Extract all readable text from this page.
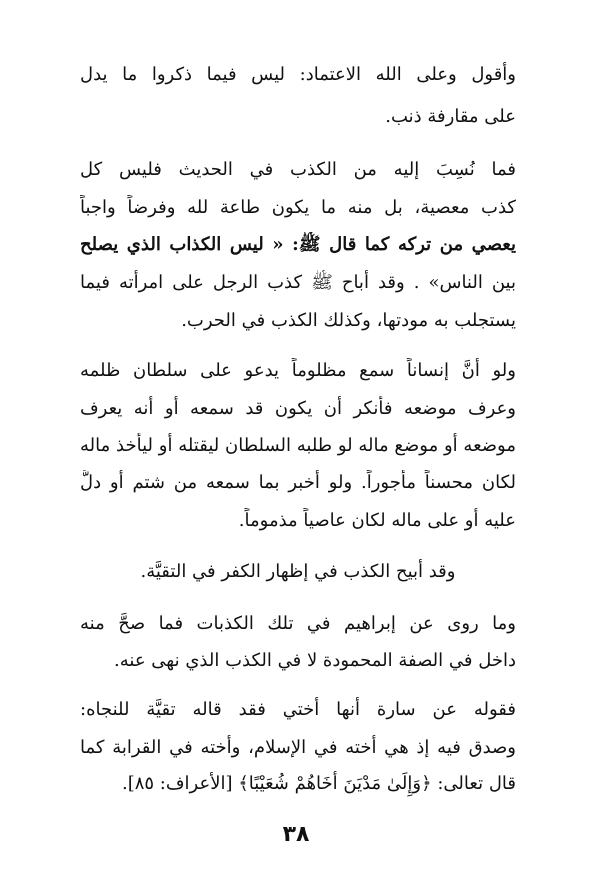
وأقول وعلى الله الاعتماد: ليس فيما ذكروا ما يدل
على مقارفة ذنب.
فما نُسِبَ إليه من الكذب في الحديث فليس كل
كذب معصية، بل منه ما يكون طاعة لله وفرضاً واجباً
يعصي من تركه كما قال ﷺ: « ليس الكذاب الذي يصلح
بين الناس» . وقد أباح ﷺ كذب الرجل على امرأته فيما
يستجلب به مودتها، وكذلك الكذب في الحرب.
ولو أنَّ إنساناً سمع مظلوماً يدعو على سلطان ظلمه
وعرف موضعه فأنكر أن يكون قد سمعه أو أنه يعرف
موضعه أو موضع ماله لو طلبه السلطان ليقتله أو ليأخذ ماله
لكان محسناً مأجوراً. ولو أخبر بما سمعه من شتم أو دلَّ
عليه أو على ماله لكان عاصياً مذموماً.
وقد أبيح الكذب في إظهار الكفر في التقيَّة.
وما روى عن إبراهيم في تلك الكذبات فما صحَّ منه
داخل في الصفة المحمودة لا في الكذب الذي نهى عنه.
فقوله عن سارة أنها أختي فقد قاله تقيَّة للنجاه:
وصدق فيه إذ هي أخته في الإسلام، وأخته في القرابة كما
قال تعالى: ﴿وَإِلَىٰ مَدْيَنَ أَخَاهُمْ شُعَيْبًا﴾ [الأعراف: ٨٥].
٣٨
